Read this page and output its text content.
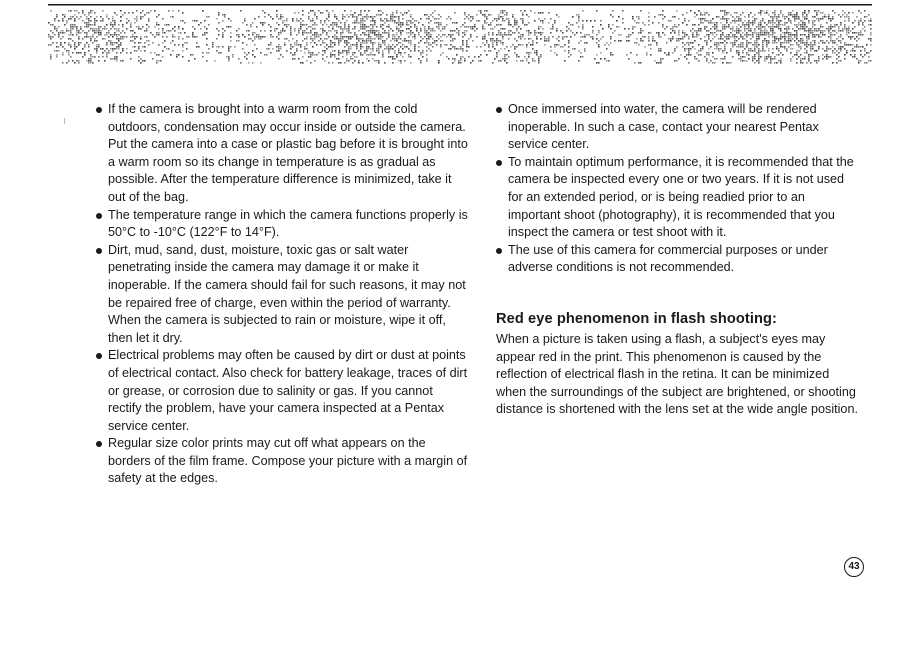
If the camera is brought into a warm room from the cold outdoors, condensation may occur inside or outside the camera. Put the camera into a case or plastic bag before it is brought into a warm room so its change in temperature is as gradual as possible. After the temperature difference is minimized, take it out of the bag.
The temperature range in which the camera functions properly is 50°C to -10°C (122°F to 14°F).
Dirt, mud, sand, dust, moisture, toxic gas or salt water penetrating inside the camera may damage it or make it inoperable. If the camera should fail for such reasons, it may not be repaired free of charge, even within the period of warranty. When the camera is subjected to rain or moisture, wipe it off, then let it dry.
Electrical problems may often be caused by dirt or dust at points of electrical contact. Also check for battery leakage, traces of dirt or grease, or corrosion due to salinity or gas. If you cannot rectify the problem, have your camera inspected at a Pentax service center.
Regular size color prints may cut off what appears on the borders of the film frame. Compose your picture with a margin of safety at the edges.
Once immersed into water, the camera will be rendered inoperable. In such a case, contact your nearest Pentax service center.
To maintain optimum performance, it is recommended that the camera be inspected every one or two years. If it is not used for an extended period, or is being readied prior to an important shoot (photography), it is recommended that you inspect the camera or test shoot with it.
The use of this camera for commercial purposes or under adverse conditions is not recommended.
Red eye phenomenon in flash shooting:

When a picture is taken using a flash, a subject's eyes may appear red in the print. This phenomenon is caused by the reflection of electrical flash in the retina. It can be minimized when the surroundings of the subject are brightened, or shooting distance is shortened with the lens set at the wide angle position.

43
